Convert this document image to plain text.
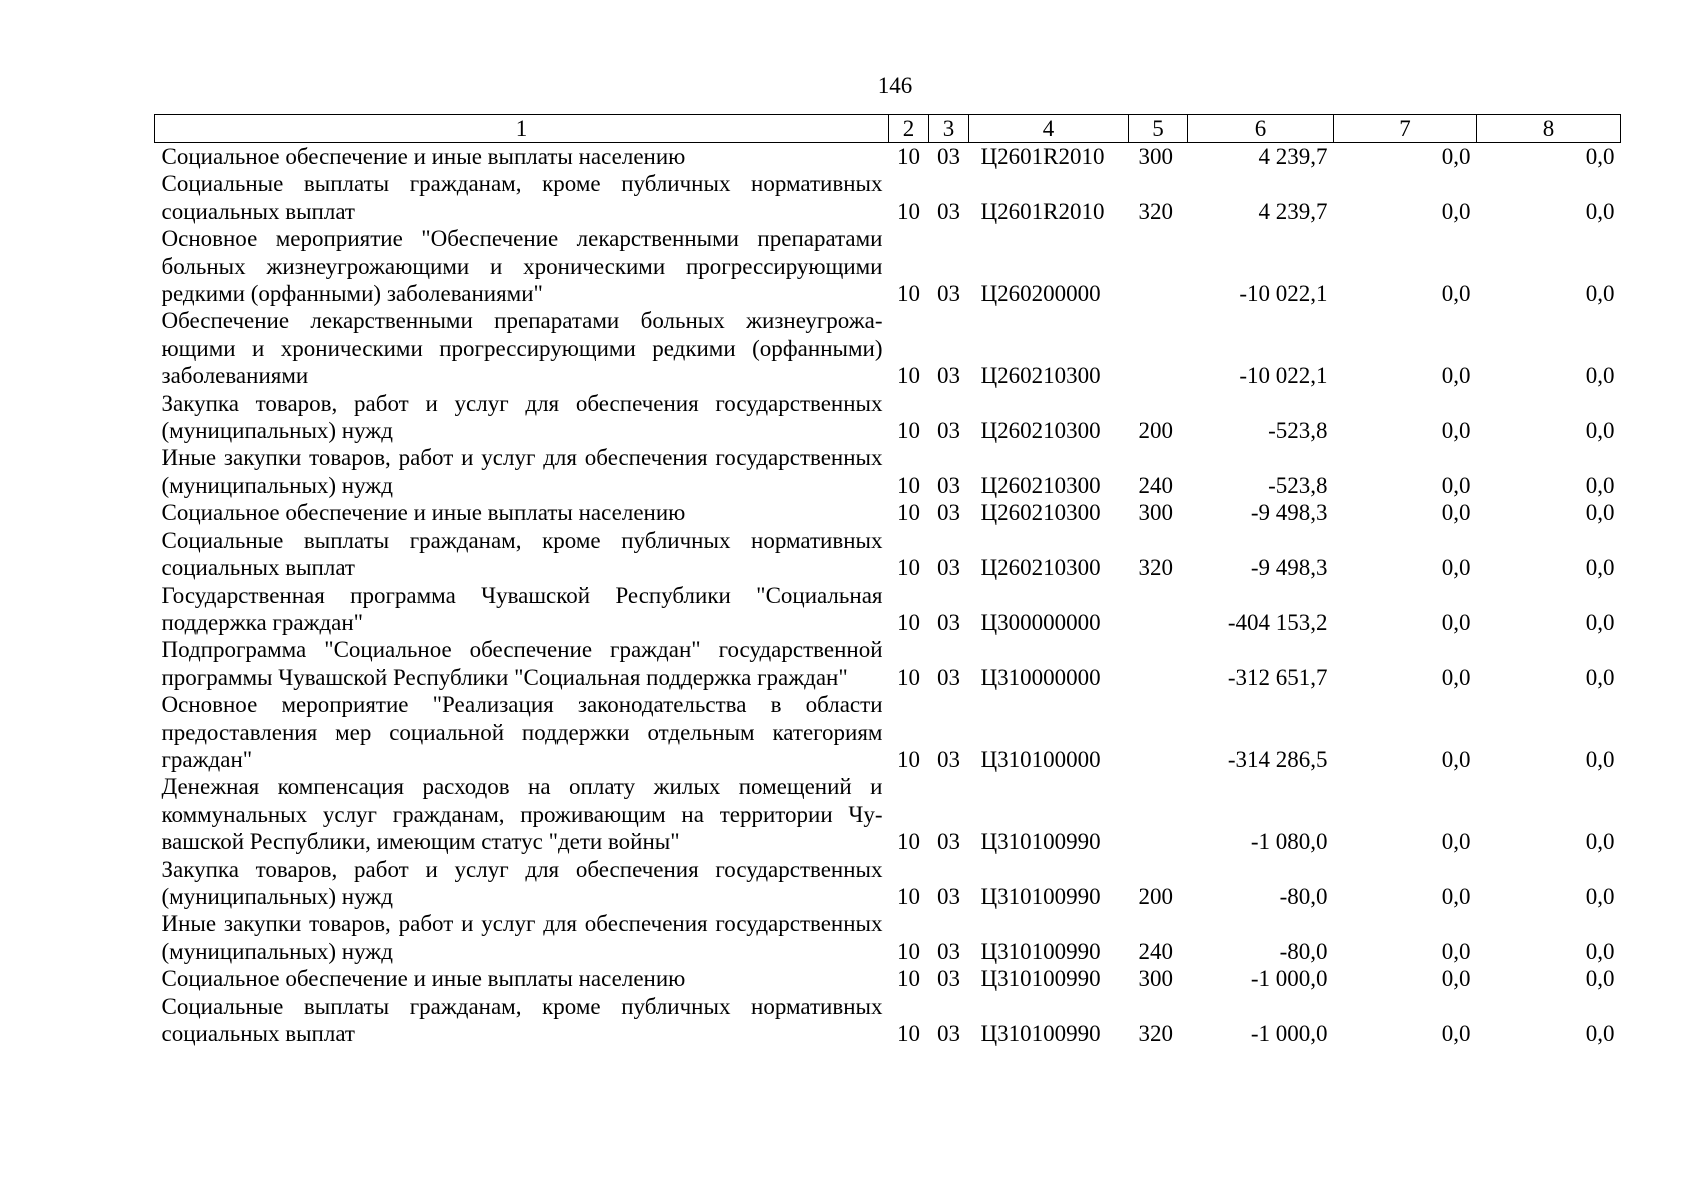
146
1	2	3	4	5	6	7	8
Социальное обеспечение и иные выплаты населению	10	03	Ц2601R2010	300	4 239,7	0,0	0,0
Социальные выплаты гражданам, кроме публичных нормативных социальных выплат	10	03	Ц2601R2010	320	4 239,7	0,0	0,0
Основное мероприятие "Обеспечение лекарственными препаратами больных жизнеугрожающими и хроническими прогрессирующими редкими (орфанными) заболеваниями"	10	03	Ц260200000		-10 022,1	0,0	0,0
Обеспечение лекарственными препаратами больных жизнеугрожающими и хроническими прогрессирующими редкими (орфанными) заболеваниями	10	03	Ц260210300		-10 022,1	0,0	0,0
Закупка товаров, работ и услуг для обеспечения государственных (муниципальных) нужд	10	03	Ц260210300	200	-523,8	0,0	0,0
Иные закупки товаров, работ и услуг для обеспечения государственных (муниципальных) нужд	10	03	Ц260210300	240	-523,8	0,0	0,0
Социальное обеспечение и иные выплаты населению	10	03	Ц260210300	300	-9 498,3	0,0	0,0
Социальные выплаты гражданам, кроме публичных нормативных социальных выплат	10	03	Ц260210300	320	-9 498,3	0,0	0,0
Государственная программа Чувашской Республики "Социальная поддержка граждан"	10	03	Ц300000000		-404 153,2	0,0	0,0
Подпрограмма "Социальное обеспечение граждан" государственной программы Чувашской Республики "Социальная поддержка граждан"	10	03	Ц310000000		-312 651,7	0,0	0,0
Основное мероприятие "Реализация законодательства в области предоставления мер социальной поддержки отдельным категориям граждан"	10	03	Ц310100000		-314 286,5	0,0	0,0
Денежная компенсация расходов на оплату жилых помещений и коммунальных услуг гражданам, проживающим на территории Чувашской Республики, имеющим статус "дети войны"	10	03	Ц310100990		-1 080,0	0,0	0,0
Закупка товаров, работ и услуг для обеспечения государственных (муниципальных) нужд	10	03	Ц310100990	200	-80,0	0,0	0,0
Иные закупки товаров, работ и услуг для обеспечения государственных (муниципальных) нужд	10	03	Ц310100990	240	-80,0	0,0	0,0
Социальное обеспечение и иные выплаты населению	10	03	Ц310100990	300	-1 000,0	0,0	0,0
Социальные выплаты гражданам, кроме публичных нормативных социальных выплат	10	03	Ц310100990	320	-1 000,0	0,0	0,0
